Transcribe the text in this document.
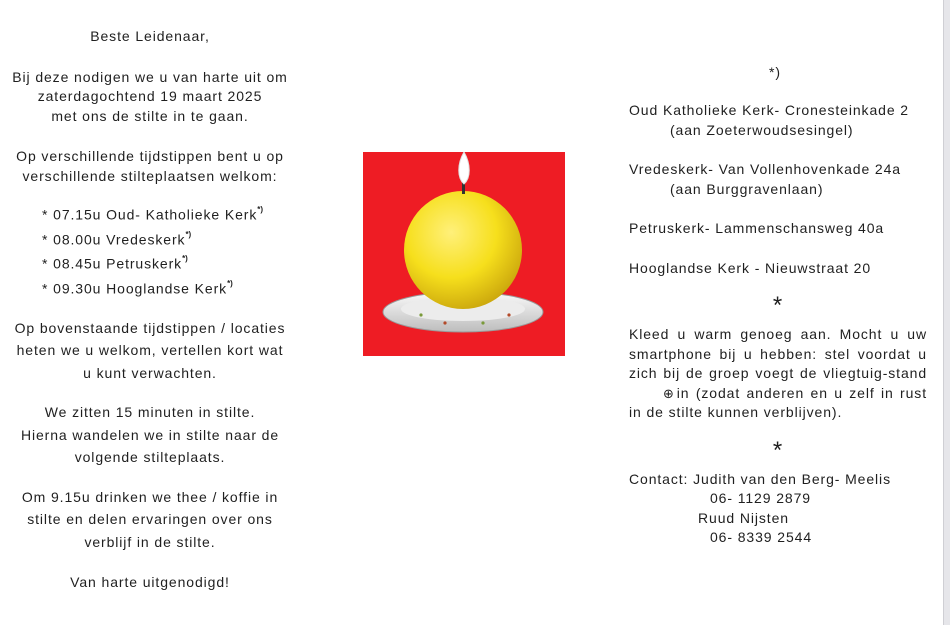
Beste Leidenaar,

Bij deze nodigen we u van harte uit om

zaterdagochtend 19 maart 2025

met ons de stilte in te gaan.

Op verschillende tijdstippen bent u op

verschillende stilteplaatsen welkom:

* 07.15u Oud- Katholieke Kerk*)
* 08.00u Vredeskerk*)
* 08.45u Petruskerk*)
* 09.30u Hooglandse Kerk*)

Op bovenstaande tijdstippen / locaties

heten we u welkom, vertellen kort wat

u kunt verwachten.

We zitten 15 minuten in stilte.

Hierna wandelen we in stilte naar de

volgende stilteplaats.

Om 9.15u drinken we thee / koffie in

stilte en delen ervaringen over ons

verblijf in de stilte.

Van harte uitgenodigd!

*)

Oud Katholieke Kerk- Cronesteinkade 2

(aan Zoeterwoudsesingel)

Vredeskerk- Van Vollenhovenkade 24a

(aan Burggravenlaan)

Petruskerk- Lammenschansweg 40a

Hooglandse Kerk - Nieuwstraat 20

*

Kleed u warm genoeg aan. Mocht u uw smartphone bij u hebben: stel voordat u zich bij de groep voegt de vliegtuig-stand⊕ in (zodat anderen en u zelf in rust in de stilte kunnen verblijven).

*

Contact: Judith van den Berg- Meelis

06- 1129 2879

Ruud Nijsten

06- 8339 2544
